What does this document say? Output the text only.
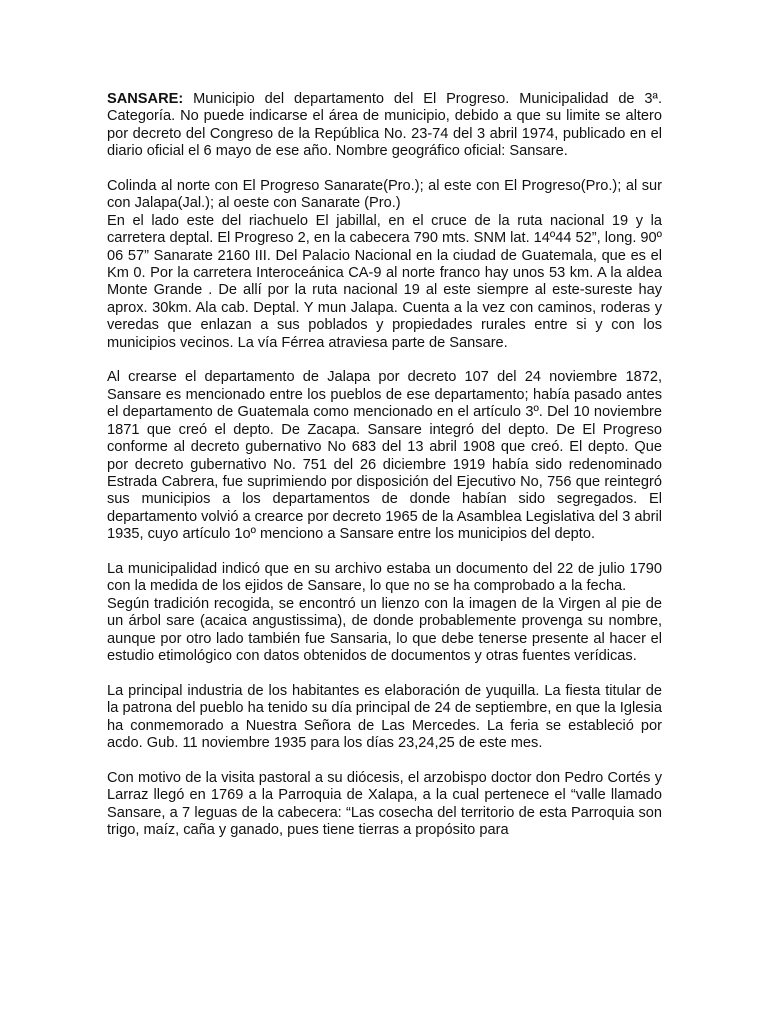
SANSARE: Municipio del departamento del El Progreso. Municipalidad de 3ª. Categoría. No puede indicarse el área de municipio, debido a que su limite se altero por decreto del Congreso de la República No. 23-74 del 3 abril 1974, publicado en el diario oficial el 6 mayo de ese año. Nombre geográfico oficial: Sansare.

Colinda al norte con El Progreso Sanarate(Pro.); al este con El Progreso(Pro.); al sur con Jalapa(Jal.); al oeste con Sanarate (Pro.)

En el lado este del riachuelo El jabillal, en el cruce de la ruta nacional 19 y la carretera deptal. El Progreso 2, en la cabecera 790 mts. SNM lat. 14º44 52”, long. 90º 06 57” Sanarate 2160 III. Del Palacio Nacional en la ciudad de Guatemala, que es el Km 0. Por la carretera Interoceánica CA-9 al norte franco hay unos 53 km. A la aldea Monte Grande . De allí por la ruta nacional 19 al este siempre al este-sureste hay aprox. 30km. Ala cab. Deptal. Y mun Jalapa. Cuenta a la vez con caminos, roderas y veredas que enlazan a sus poblados y propiedades rurales entre si y con los municipios vecinos. La vía Férrea atraviesa parte de Sansare.

Al crearse el departamento de Jalapa por decreto 107 del 24 noviembre 1872, Sansare es mencionado entre los pueblos de ese departamento; había pasado antes el departamento de Guatemala como mencionado en el artículo 3º. Del 10 noviembre 1871 que creó el depto. De Zacapa. Sansare integró del depto. De El Progreso conforme al decreto gubernativo No 683 del 13 abril 1908 que creó. El depto. Que por decreto gubernativo No. 751 del 26 diciembre 1919 había sido redenominado Estrada Cabrera, fue suprimiendo por disposición del Ejecutivo No, 756 que reintegró sus municipios a los departamentos de donde habían sido segregados. El departamento volvió a crearce por decreto 1965 de la Asamblea Legislativa del 3 abril 1935, cuyo artículo 1oº menciono a Sansare entre los municipios del depto.

La municipalidad indicó que en su archivo estaba un documento del 22 de julio 1790 con la medida de los ejidos de Sansare, lo que no se ha comprobado a la fecha.

Según tradición recogida, se encontró un lienzo con la imagen de la Virgen al pie de un árbol sare (acaica angustissima), de donde probablemente provenga su nombre, aunque por otro lado también fue Sansaria, lo que debe tenerse presente al hacer el estudio etimológico con datos obtenidos de documentos y otras fuentes verídicas.

La principal industria de los habitantes es elaboración de yuquilla. La fiesta titular de la patrona del pueblo ha tenido su día principal de 24 de septiembre, en que la Iglesia ha conmemorado a Nuestra Señora de Las Mercedes. La feria se estableció por acdo. Gub. 11 noviembre 1935 para los días 23,24,25 de este mes.

Con motivo de la visita pastoral a su diócesis, el arzobispo doctor don Pedro Cortés y Larraz llegó en 1769 a la Parroquia de Xalapa, a la cual pertenece el “valle llamado Sansare, a 7 leguas de la cabecera: “Las cosecha del territorio de esta Parroquia son trigo, maíz, caña y ganado, pues tiene tierras a propósito para
